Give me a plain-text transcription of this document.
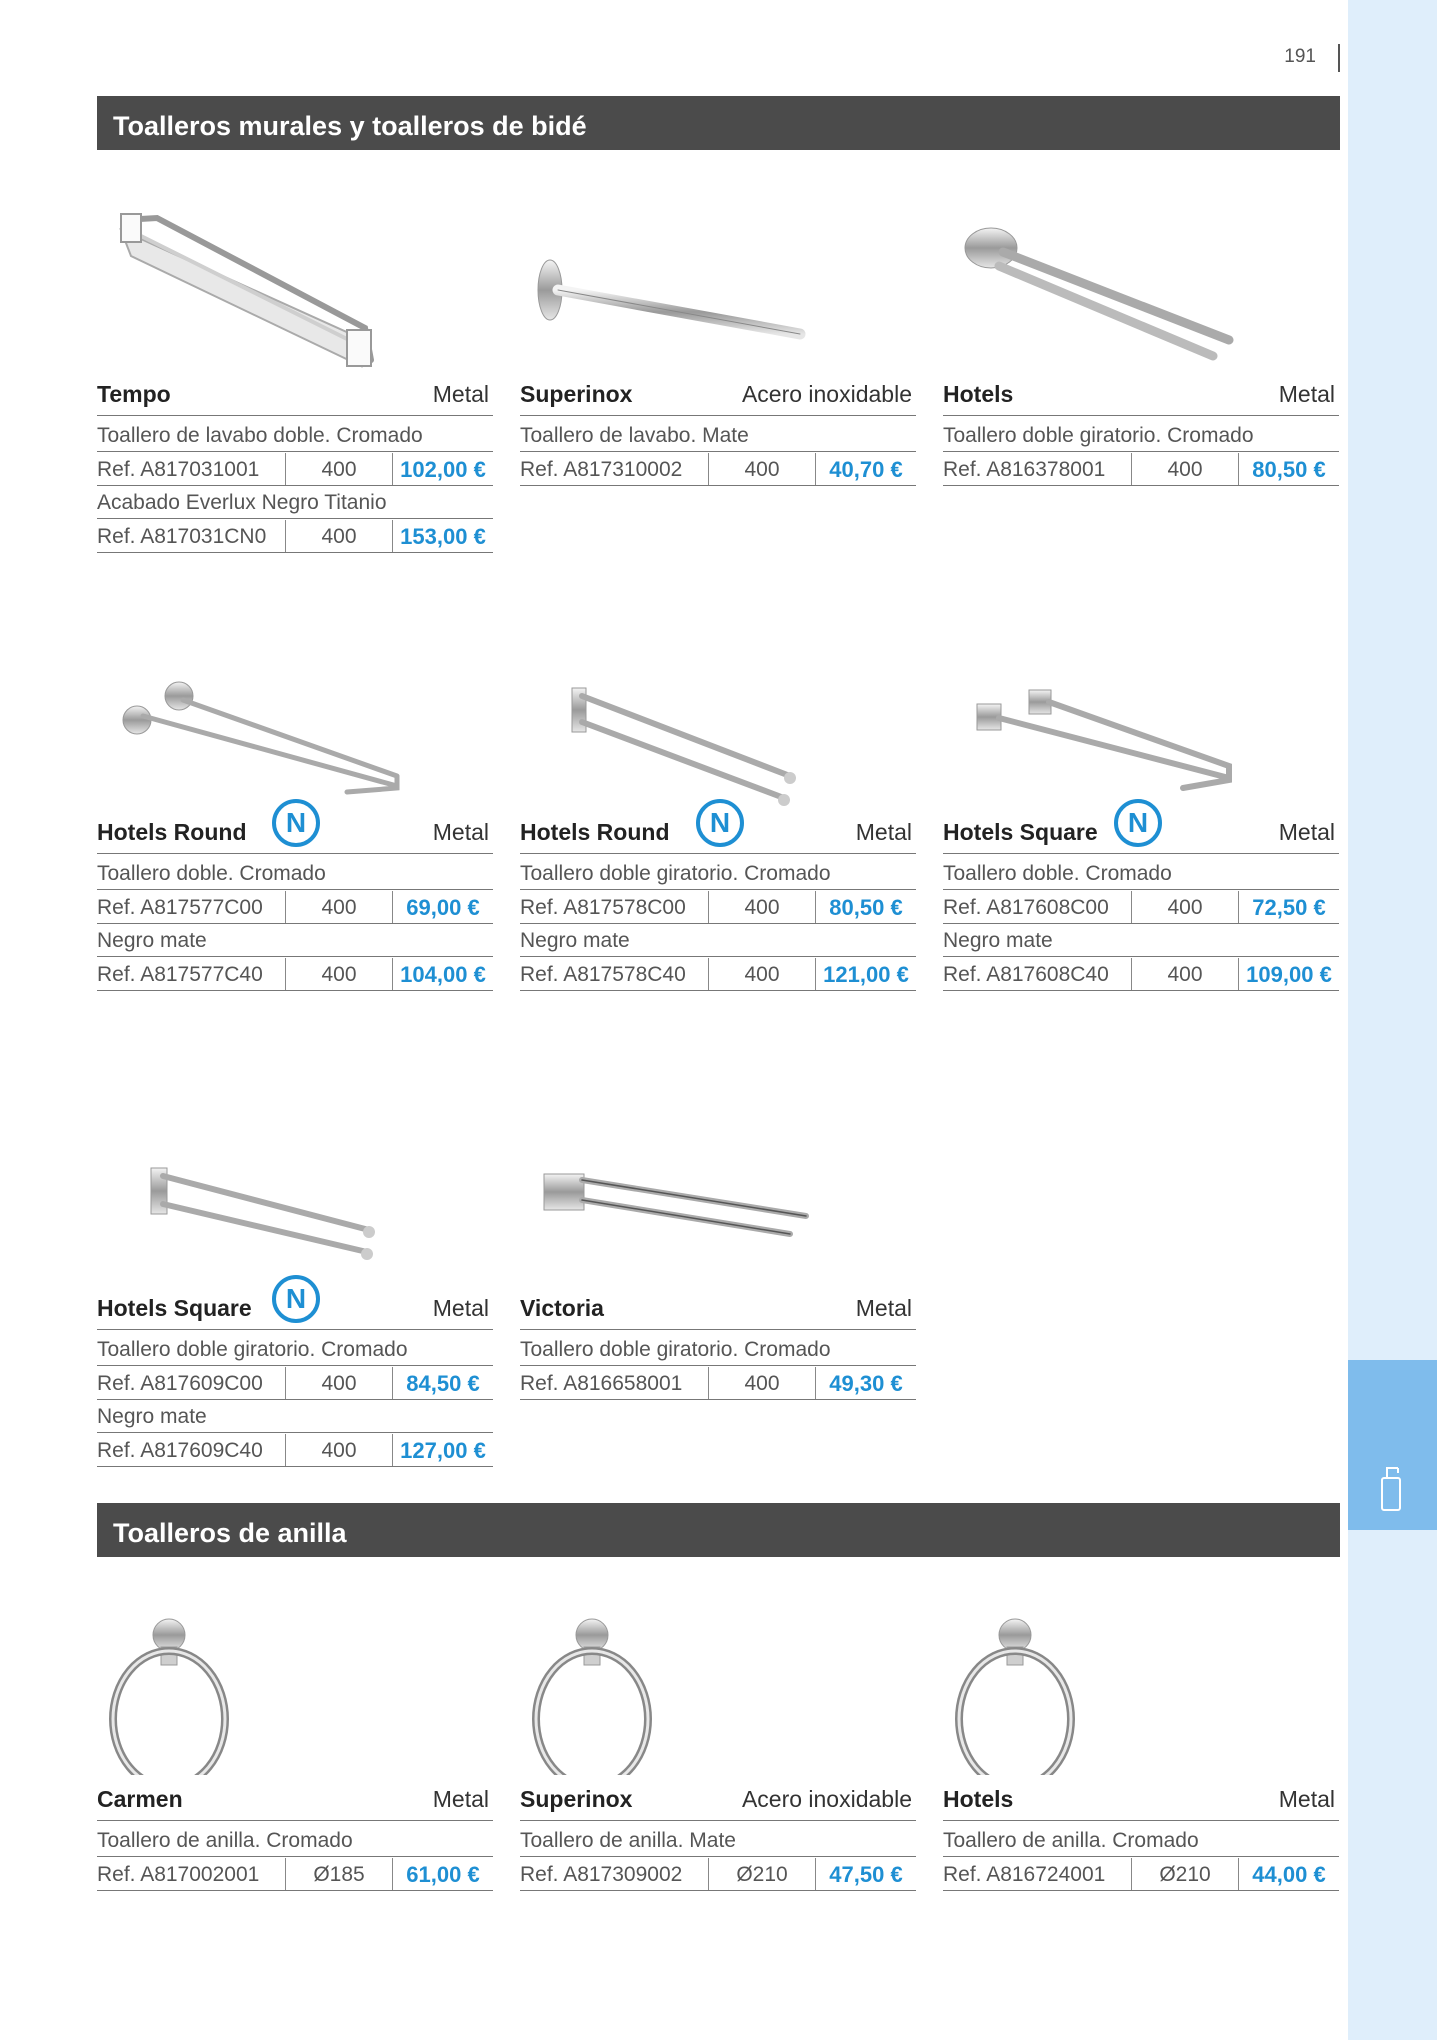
191
Toalleros murales y toalleros de bidé
Toalleros de anilla
Tempo	Metal
Toallero de lavabo doble. Cromado
Ref. A817031001	400	102,00 €
Acabado Everlux Negro Titanio
Ref. A817031CN0	400	153,00 €
Superinox	Acero inoxidable
Toallero de lavabo. Mate
Ref. A817310002	400	40,70 €
Hotels	Metal
Toallero doble giratorio. Cromado
Ref. A816378001	400	80,50 €
Hotels Round	N	Metal
Toallero doble. Cromado
Ref. A817577C00	400	69,00 €
Negro mate
Ref. A817577C40	400	104,00 €
Hotels Round	N	Metal
Toallero doble giratorio. Cromado
Ref. A817578C00	400	80,50 €
Negro mate
Ref. A817578C40	400	121,00 €
Hotels Square	N	Metal
Toallero doble. Cromado
Ref. A817608C00	400	72,50 €
Negro mate
Ref. A817608C40	400	109,00 €
Hotels Square	N	Metal
Toallero doble giratorio. Cromado
Ref. A817609C00	400	84,50 €
Negro mate
Ref. A817609C40	400	127,00 €
Victoria	Metal
Toallero doble giratorio. Cromado
Ref. A816658001	400	49,30 €
Carmen	Metal
Toallero de anilla. Cromado
Ref. A817002001	Ø185	61,00 €
Superinox	Acero inoxidable
Toallero de anilla. Mate
Ref. A817309002	Ø210	47,50 €
Hotels	Metal
Toallero de anilla. Cromado
Ref. A816724001	Ø210	44,00 €
